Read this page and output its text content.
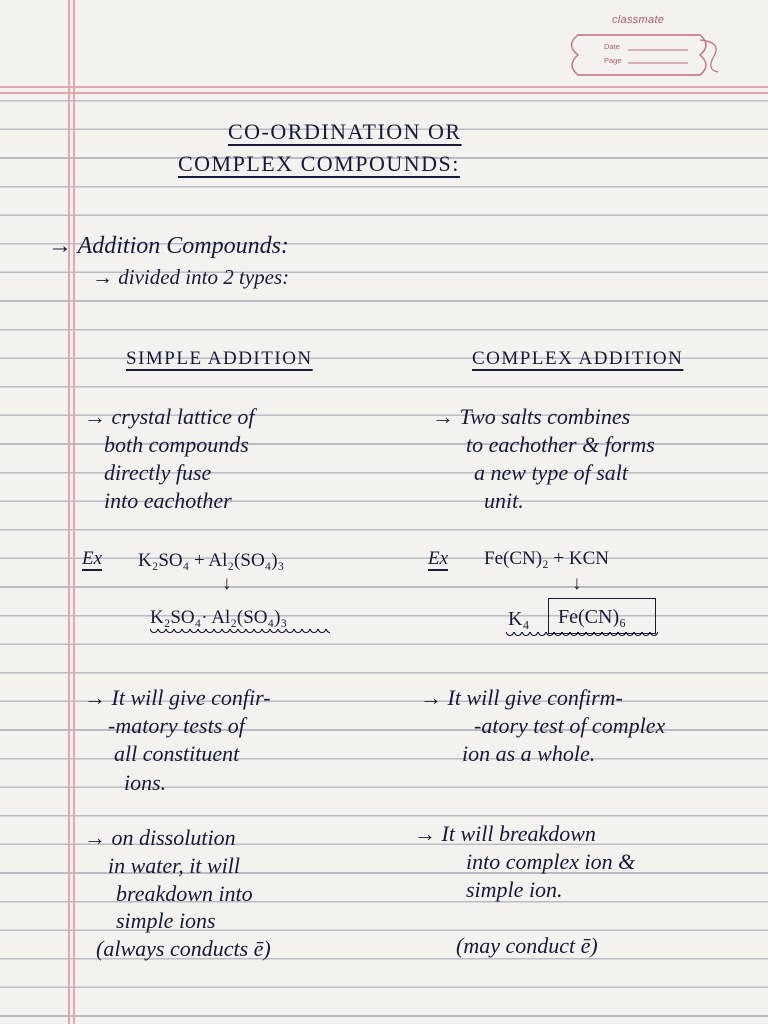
classmate
Date
Page
CO-ORDINATION OR
COMPLEX COMPOUNDS:
→ Addition Compounds:
→ divided into 2 types:
SIMPLE ADDITION	COMPLEX ADDITION
→ crystal lattice of
both compounds
directly fuse
into eachother
→ Two salts combines
to eachother & forms
a new type of salt
unit.
Ex K₂SO₄ + Al₂(SO₄)₃
↓
K₂SO₄· Al₂(SO₄)₃
Ex Fe(CN)₂ + KCN
↓
K₄ Fe(CN)₆
→ It will give confir-
-matory tests of
all constituent
ions.
→ It will give confirm-
-atory test of complex
ion as a whole.
→ on dissolution
in water, it will
breakdown into
simple ions
(always conducts ē)
→ It will breakdown
into complex ion &
simple ion.
(may conduct ē)
